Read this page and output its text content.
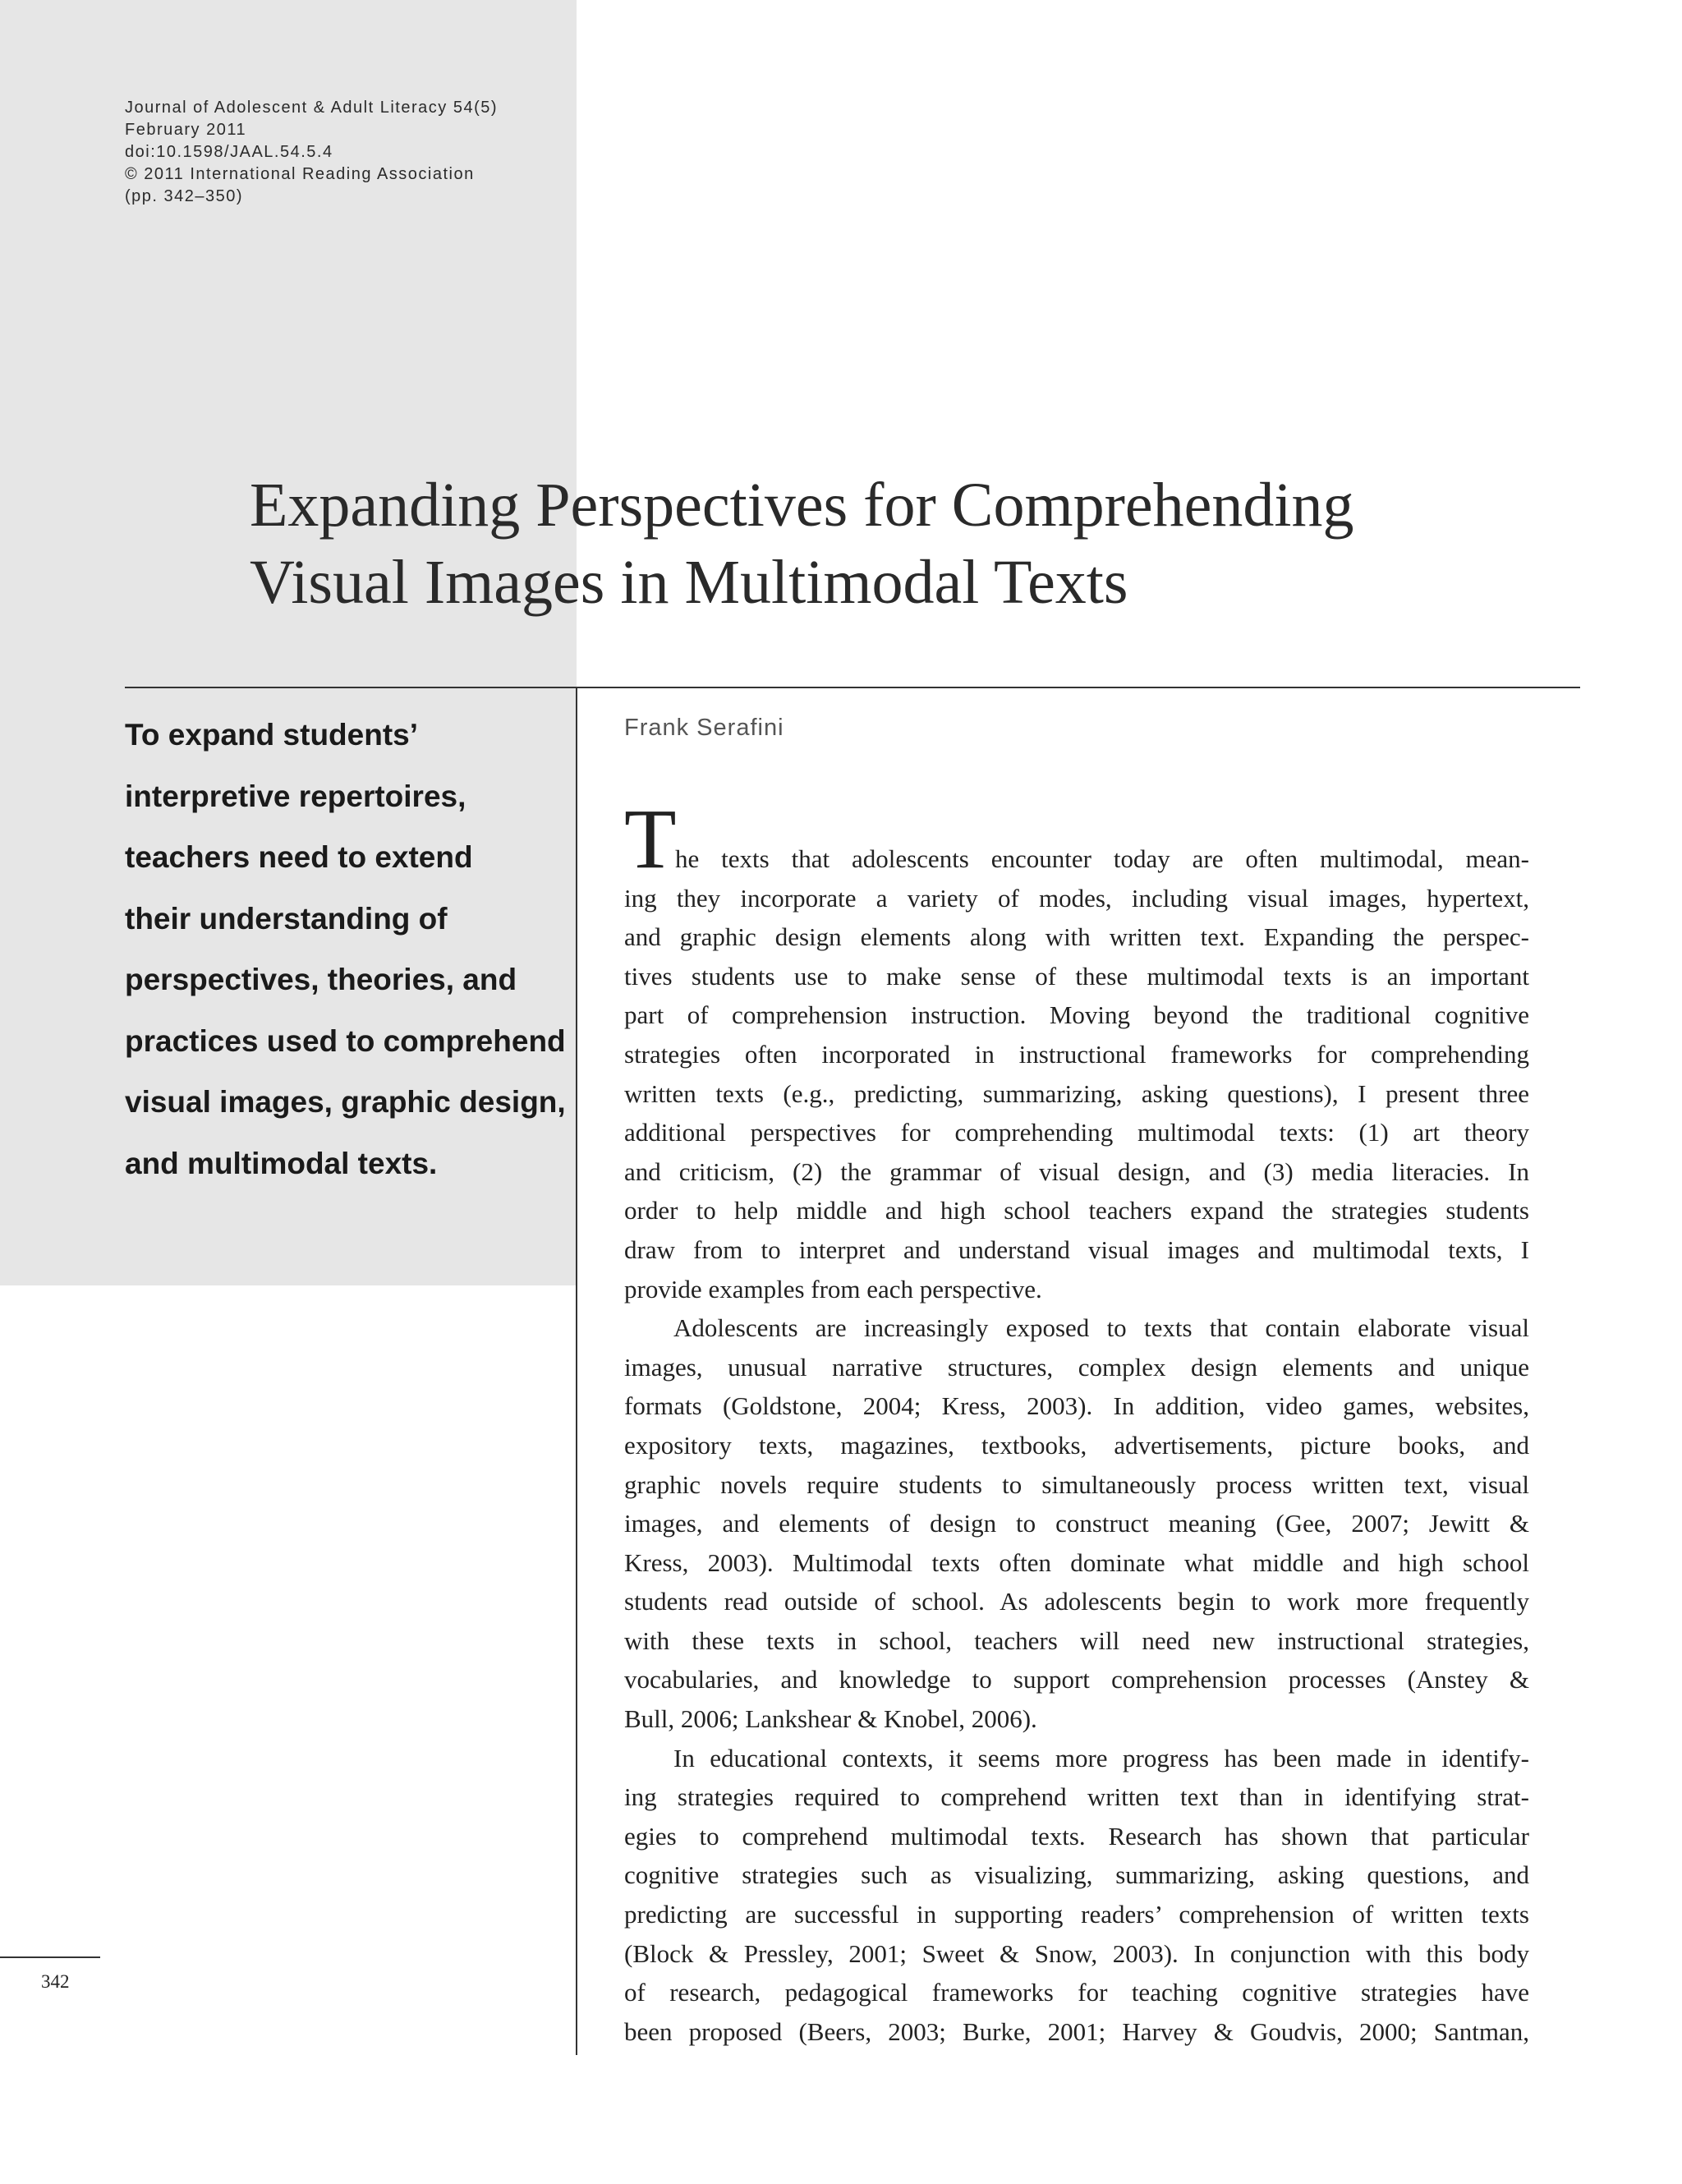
Journal of Adolescent & Adult Literacy 54(5)
February 2011
doi:10.1598/JAAL.54.5.4
© 2011 International Reading Association
(pp. 342–350)
Expanding Perspectives for Comprehending
Visual Images in Multimodal Texts
To expand students’
interpretive repertoires,
teachers need to extend
their understanding of
perspectives, theories, and
practices used to comprehend
visual images, graphic design,
and multimodal texts.
Frank Serafini
T
he texts that adolescents encounter today are often multimodal, mean-
ing they incorporate a variety of modes, including visual images, hypertext,
and graphic design elements along with written text. Expanding the perspec-
tives students use to make sense of these multimodal texts is an important
part of comprehension instruction. Moving beyond the traditional cognitive
strategies often incorporated in instructional frameworks for comprehending
written texts (e.g., predicting, summarizing, asking questions), I present three
additional perspectives for comprehending multimodal texts: (1) art theory
and criticism, (2) the grammar of visual design, and (3) media literacies. In
order to help middle and high school teachers expand the strategies students
draw from to interpret and understand visual images and multimodal texts, I
provide examples from each perspective.
Adolescents are increasingly exposed to texts that contain elaborate visual
images, unusual narrative structures, complex design elements and unique
formats (Goldstone, 2004; Kress, 2003). In addition, video games, websites,
expository texts, magazines, textbooks, advertisements, picture books, and
graphic novels require students to simultaneously process written text, visual
images, and elements of design to construct meaning (Gee, 2007; Jewitt &
Kress, 2003). Multimodal texts often dominate what middle and high school
students read outside of school. As adolescents begin to work more frequently
with these texts in school, teachers will need new instructional strategies,
vocabularies, and knowledge to support comprehension processes (Anstey &
Bull, 2006; Lankshear & Knobel, 2006).
In educational contexts, it seems more progress has been made in identify-
ing strategies required to comprehend written text than in identifying strat-
egies to comprehend multimodal texts. Research has shown that particular
cognitive strategies such as visualizing, summarizing, asking questions, and
predicting are successful in supporting readers’ comprehension of written texts
(Block & Pressley, 2001; Sweet & Snow, 2003). In conjunction with this body
of research, pedagogical frameworks for teaching cognitive strategies have
been proposed (Beers, 2003; Burke, 2001; Harvey & Goudvis, 2000; Santman,
342
